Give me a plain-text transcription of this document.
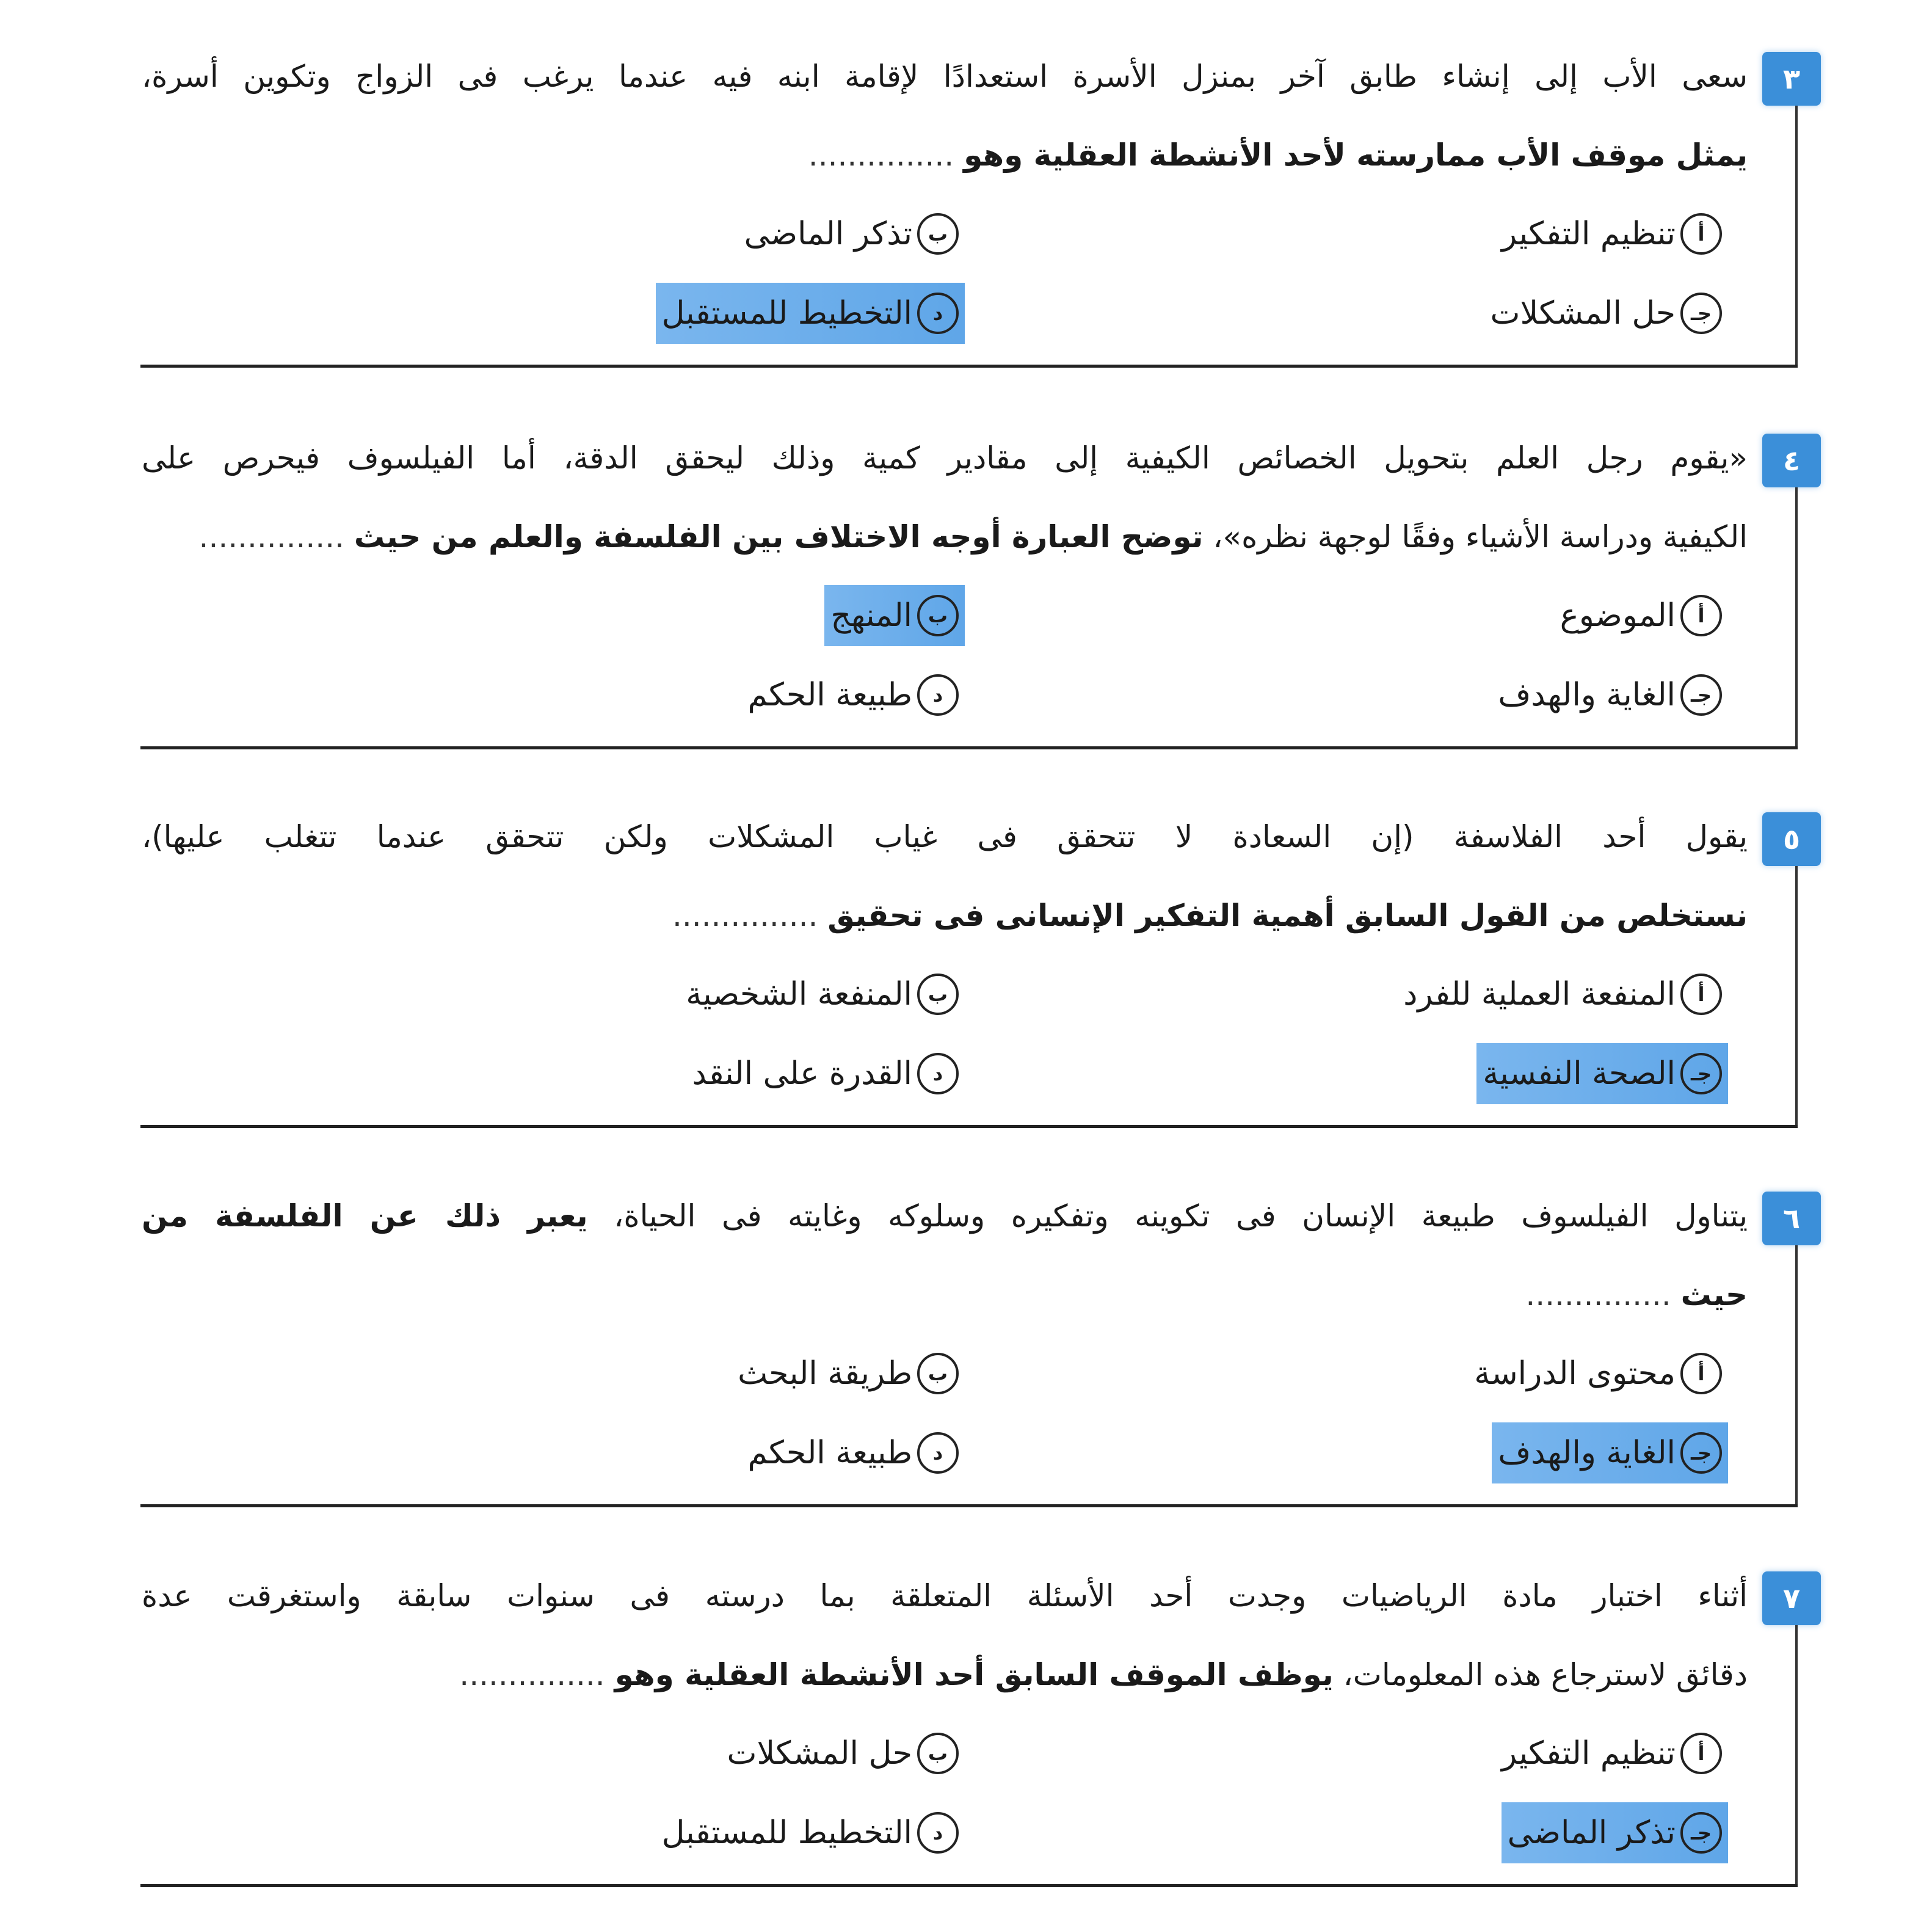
٣
سعى الأب إلى إنشاء طابق آخر بمنزل الأسرة استعدادًا لإقامة ابنه فيه عندما يرغب فى الزواج وتكوين أسرة،
يمثل موقف الأب ممارسته لأحد الأنشطة العقلية وهو ...............
أ
تنظيم التفكير
ب
تذكر الماضى
جـ
حل المشكلات
د
التخطيط للمستقبل
٤
«يقوم رجل العلم بتحويل الخصائص الكيفية إلى مقادير كمية وذلك ليحقق الدقة، أما الفيلسوف فيحرص على
الكيفية ودراسة الأشياء وفقًا لوجهة نظره»، توضح العبارة أوجه الاختلاف بين الفلسفة والعلم من حيث ...............
أ
الموضوع
ب
المنهج
جـ
الغاية والهدف
د
طبيعة الحكم
٥
يقول أحد الفلاسفة (إن السعادة لا تتحقق فى غياب المشكلات ولكن تتحقق عندما تتغلب عليها)،
نستخلص من القول السابق أهمية التفكير الإنسانى فى تحقيق ...............
أ
المنفعة العملية للفرد
ب
المنفعة الشخصية
جـ
الصحة النفسية
د
القدرة على النقد
٦
يتناول الفيلسوف طبيعة الإنسان فى تكوينه وتفكيره وسلوكه وغايته فى الحياة، يعبر ذلك عن الفلسفة من
حيث ...............
أ
محتوى الدراسة
ب
طريقة البحث
جـ
الغاية والهدف
د
طبيعة الحكم
٧
أثناء اختبار مادة الرياضيات وجدت أحد الأسئلة المتعلقة بما درسته فى سنوات سابقة واستغرقت عدة
دقائق لاسترجاع هذه المعلومات، يوظف الموقف السابق أحد الأنشطة العقلية وهو ...............
أ
تنظيم التفكير
ب
حل المشكلات
جـ
تذكر الماضى
د
التخطيط للمستقبل
